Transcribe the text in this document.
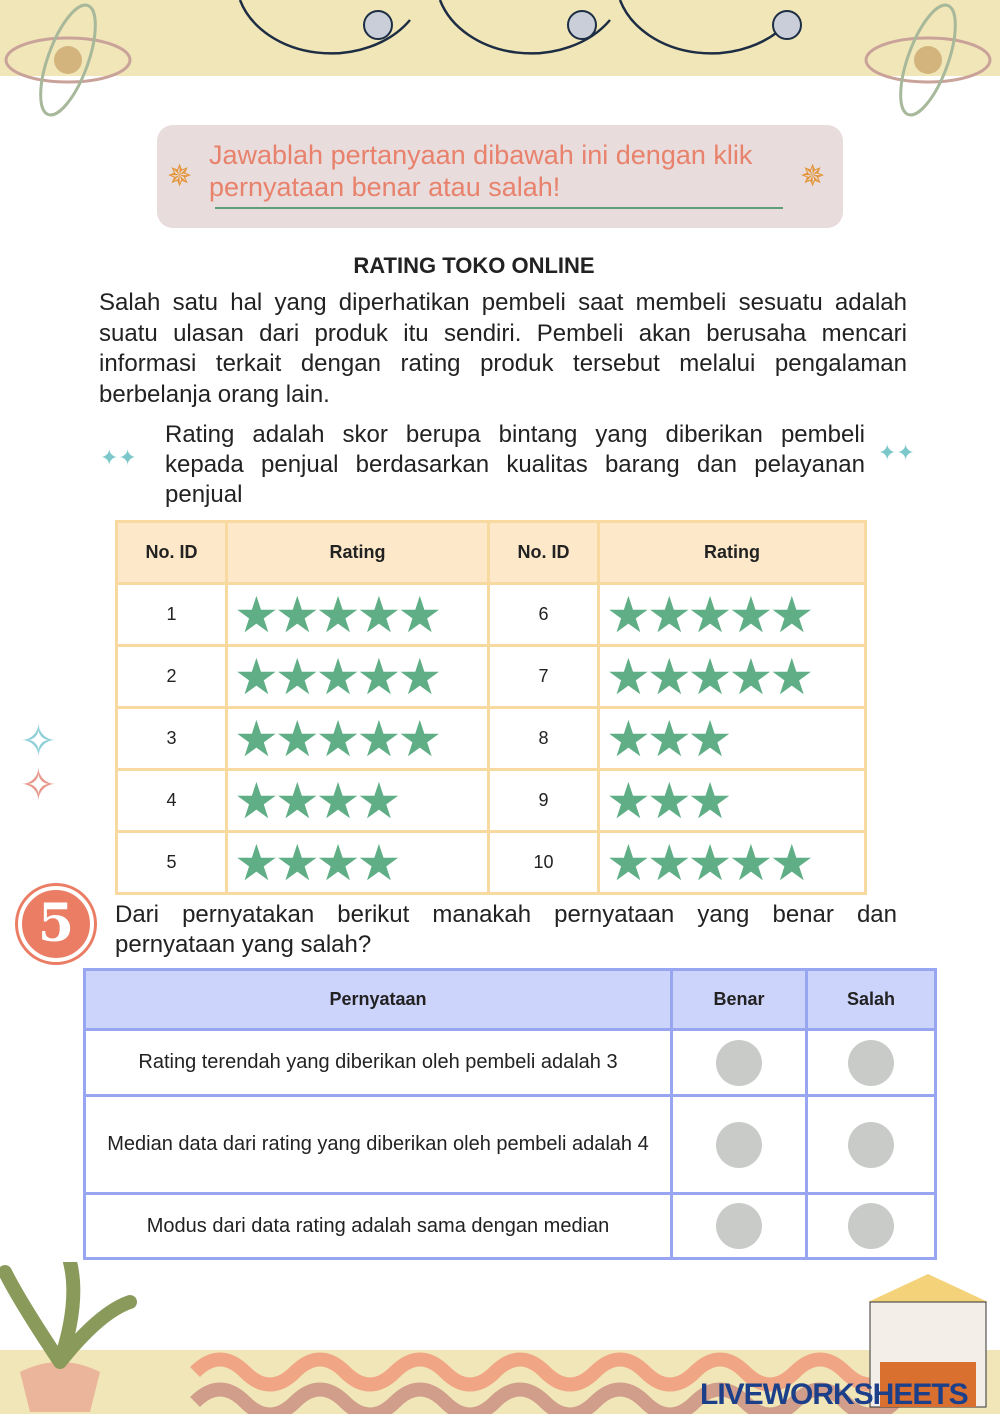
✵
Jawablah pertanyaan dibawah ini dengan klik pernyataan benar atau salah!	✵
RATING TOKO ONLINE
Salah satu hal yang diperhatikan pembeli saat membeli sesuatu adalah suatu ulasan dari produk itu sendiri. Pembeli akan berusaha mencari informasi terkait dengan rating produk tersebut melalui pengalaman berbelanja orang lain.
✦✦
Rating adalah skor berupa bintang yang diberikan pembeli kepada penjual berdasarkan kualitas barang dan pelayanan penjual
✦✦
✧
✧
No. ID	Rating	No. ID	Rating
1	★★★★★	6	★★★★★
2	★★★★★	7	★★★★★
3	★★★★★	8	★★★
4	★★★★	9	★★★
5	★★★★	10	★★★★★
5	Dari pernyatakan berikut manakah pernyataan yang benar dan pernyataan yang salah?
Pernyataan	Benar	Salah
Rating terendah yang diberikan oleh pembeli adalah 3		
Median data dari rating yang diberikan oleh pembeli adalah 4		
Modus dari data rating adalah sama dengan median		
LIVEWORKSHEETS
